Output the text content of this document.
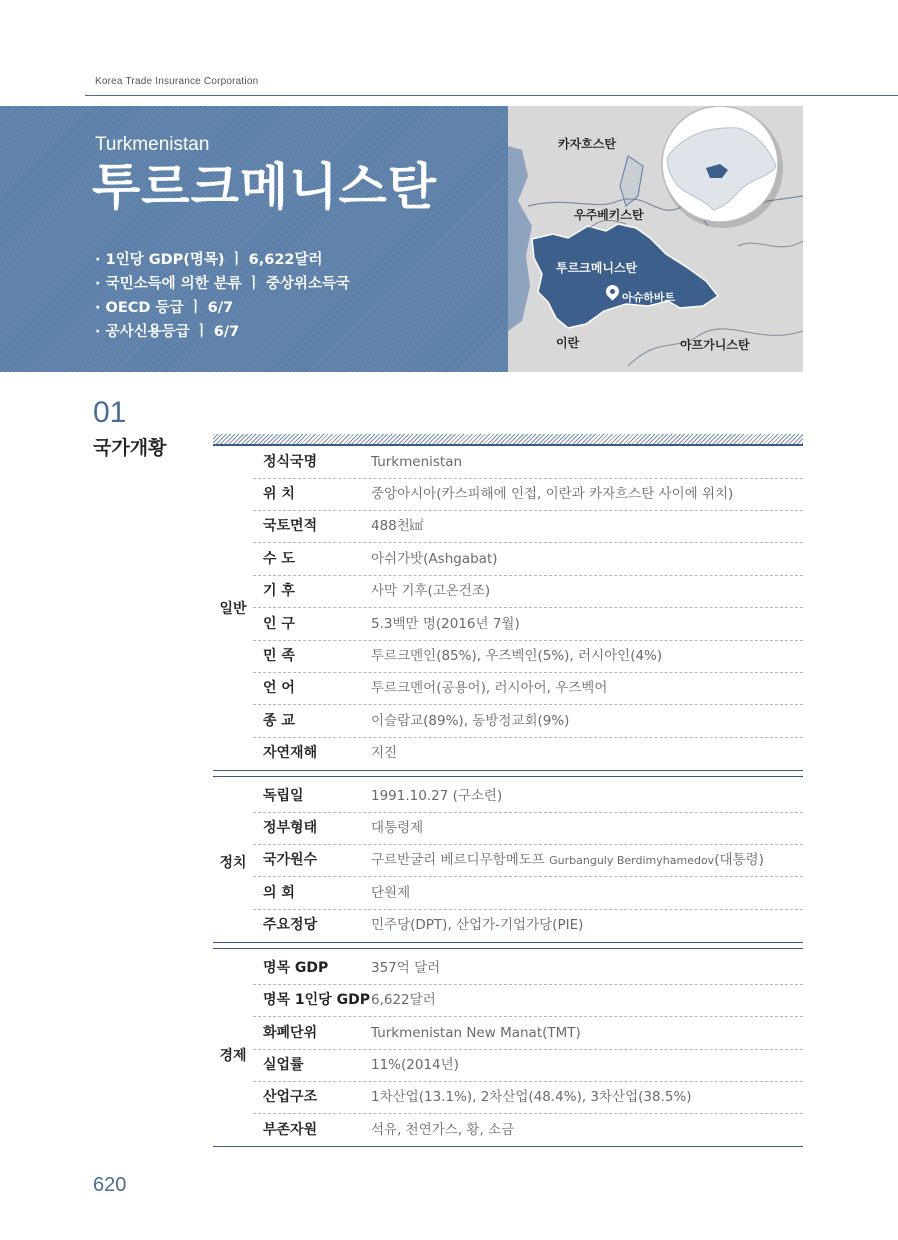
Korea Trade Insurance Corporation
Turkmenistan
투르크메니스탄
· 1인당 GDP(명목) ㅣ 6,622달러
· 국민소득에 의한 분류 ㅣ 중상위소득국
· OECD 등급 ㅣ 6/7
· 공사신용등급 ㅣ 6/7
카자흐스탄
우주베키스탄
투르크메니스탄
아슈하바트
이란	아프가니스탄
01
국가개황
일반
정식국명	Turkmenistan
위 치	중앙아시아(카스피해에 인접, 이란과 카자흐스탄 사이에 위치)
국토면적	488천㎢
수 도	아쉬가밧(Ashgabat)
기 후	사막 기후(고온건조)
인 구	5.3백만 명(2016년 7월)
민 족	투르크멘인(85%), 우즈벡인(5%), 러시아인(4%)
언 어	투르크멘어(공용어), 러시아어, 우즈벡어
종 교	이슬람교(89%), 동방정교회(9%)
자연재해	지진
정치
독립일	1991.10.27 (구소련)
정부형태	대통령제
국가원수	구르반굴리 베르디무함메도프 Gurbanguly Berdimyhamedov(대통령)
의 회	단원제
주요정당	민주당(DPT), 산업가-기업가당(PIE)
경제
명목 GDP	357억 달러
명목 1인당 GDP 6,622달러
화폐단위	Turkmenistan New Manat(TMT)
실업률	11%(2014년)
산업구조	1차산업(13.1%), 2차산업(48.4%), 3차산업(38.5%)
부존자원	석유, 천연가스, 황, 소금
620
